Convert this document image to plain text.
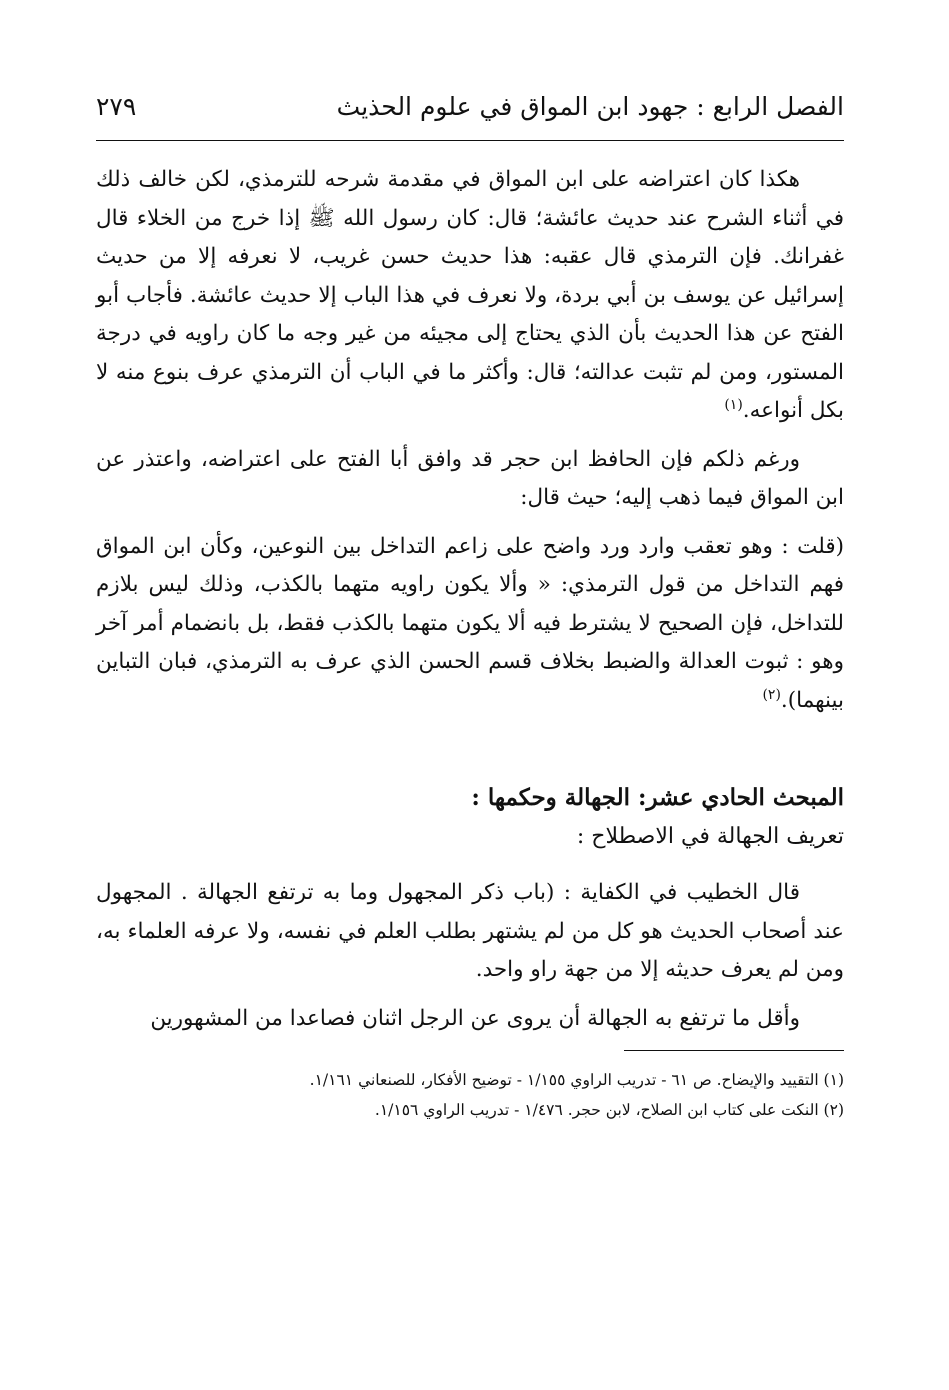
الفصل الرابع : جهود ابن المواق في علوم الحذيث
٢٧٩

هكذا كان اعتراضه على ابن المواق في مقدمة شرحه للترمذي، لكن خالف ذلك في أثناء الشرح عند حديث عائشة؛ قال: كان رسول الله ﷺ إذا خرج من الخلاء قال غفرانك. فإن الترمذي قال عقبه: هذا حديث حسن غريب، لا نعرفه إلا من حديث إسرائيل عن يوسف بن أبي بردة، ولا نعرف في هذا الباب إلا حديث عائشة. فأجاب أبو الفتح عن هذا الحديث بأن الذي يحتاج إلى مجيئه من غير وجه ما كان راويه في درجة المستور، ومن لم تثبت عدالته؛ قال: وأكثر ما في الباب أن الترمذي عرف بنوع منه لا بكل أنواعه.$^{(١)}$

ورغم ذلكم فإن الحافظ ابن حجر قد وافق أبا الفتح على اعتراضه، واعتذر عن ابن المواق فيما ذهب إليه؛ حيث قال:

(قلت : وهو تعقب وارد ورد واضح على زاعم التداخل بين النوعين، وكأن ابن المواق فهم التداخل من قول الترمذي: « وألا يكون راويه متهما بالكذب، وذلك ليس بلازم للتداخل، فإن الصحيح لا يشترط فيه ألا يكون متهما بالكذب فقط، بل بانضمام أمر آخر وهو : ثبوت العدالة والضبط بخلاف قسم الحسن الذي عرف به الترمذي، فبان التباين بينهما).$^{(٢)}$

المبحث الحادي عشر: الجهالة وحكمها :

تعريف الجهالة في الاصطلاح :

قال الخطيب في الكفاية : (باب ذكر المجهول وما به ترتفع الجهالة . المجهول عند أصحاب الحديث هو كل من لم يشتهر بطلب العلم في نفسه، ولا عرفه العلماء به، ومن لم يعرف حديثه إلا من جهة راو واحد.

وأقل ما ترتفع به الجهالة أن يروى عن الرجل اثنان فصاعدا من المشهورين

(١) التقييد والإيضاح. ص ٦١ - تدريب الراوي ١/١٥٥ - توضيح الأفكار، للصنعاني ١/١٦١.

(٢) النكت على كتاب ابن الصلاح، لابن حجر. ١/٤٧٦ - تدريب الراوي ١/١٥٦.
